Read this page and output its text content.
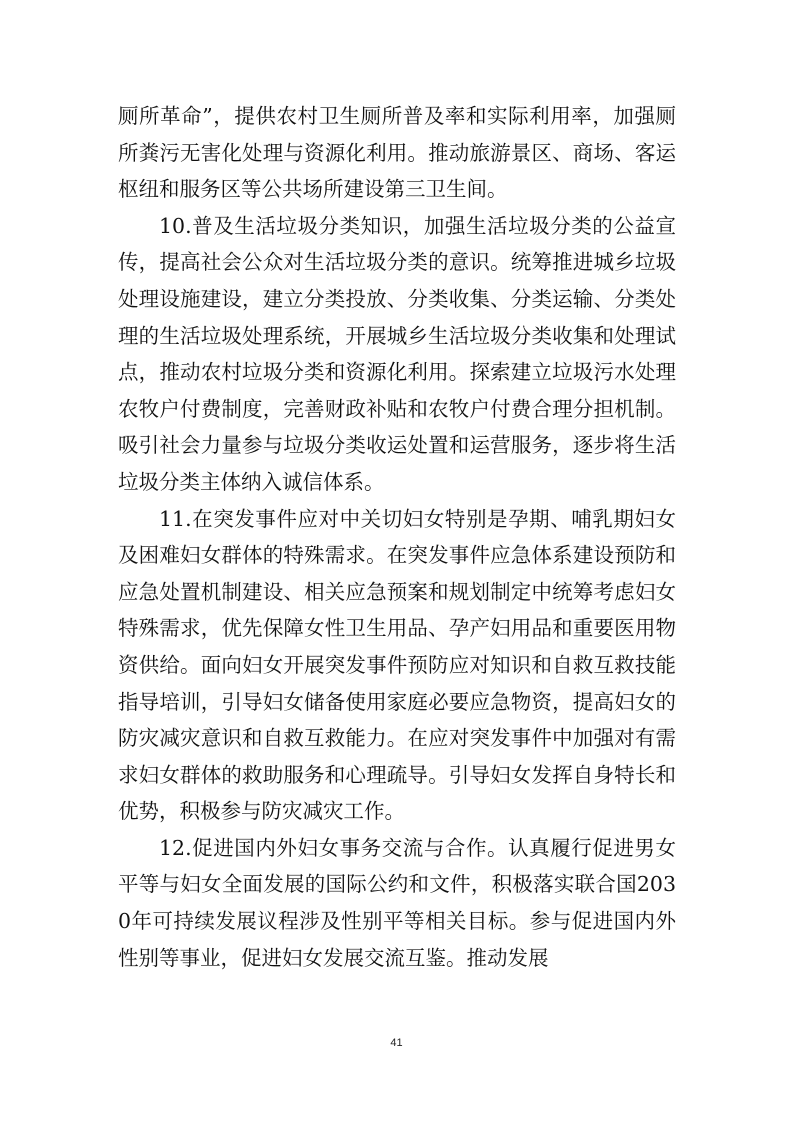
厕所革命”，提供农村卫生厕所普及率和实际利用率，加强厕所粪污无害化处理与资源化利用。推动旅游景区、商场、客运枢纽和服务区等公共场所建设第三卫生间。

10.普及生活垃圾分类知识，加强生活垃圾分类的公益宣传，提高社会公众对生活垃圾分类的意识。统筹推进城乡垃圾处理设施建设，建立分类投放、分类收集、分类运输、分类处理的生活垃圾处理系统，开展城乡生活垃圾分类收集和处理试点，推动农村垃圾分类和资源化利用。探索建立垃圾污水处理农牧户付费制度，完善财政补贴和农牧户付费合理分担机制。吸引社会力量参与垃圾分类收运处置和运营服务，逐步将生活垃圾分类主体纳入诚信体系。

11.在突发事件应对中关切妇女特别是孕期、哺乳期妇女及困难妇女群体的特殊需求。在突发事件应急体系建设预防和应急处置机制建设、相关应急预案和规划制定中统筹考虑妇女特殊需求，优先保障女性卫生用品、孕产妇用品和重要医用物资供给。面向妇女开展突发事件预防应对知识和自救互救技能指导培训，引导妇女储备使用家庭必要应急物资，提高妇女的防灾减灾意识和自救互救能力。在应对突发事件中加强对有需求妇女群体的救助服务和心理疏导。引导妇女发挥自身特长和优势，积极参与防灾减灾工作。

12.促进国内外妇女事务交流与合作。认真履行促进男女平等与妇女全面发展的国际公约和文件，积极落实联合国2030年可持续发展议程涉及性别平等相关目标。参与促进国内外性别等事业，促进妇女发展交流互鉴。推动发展

41
